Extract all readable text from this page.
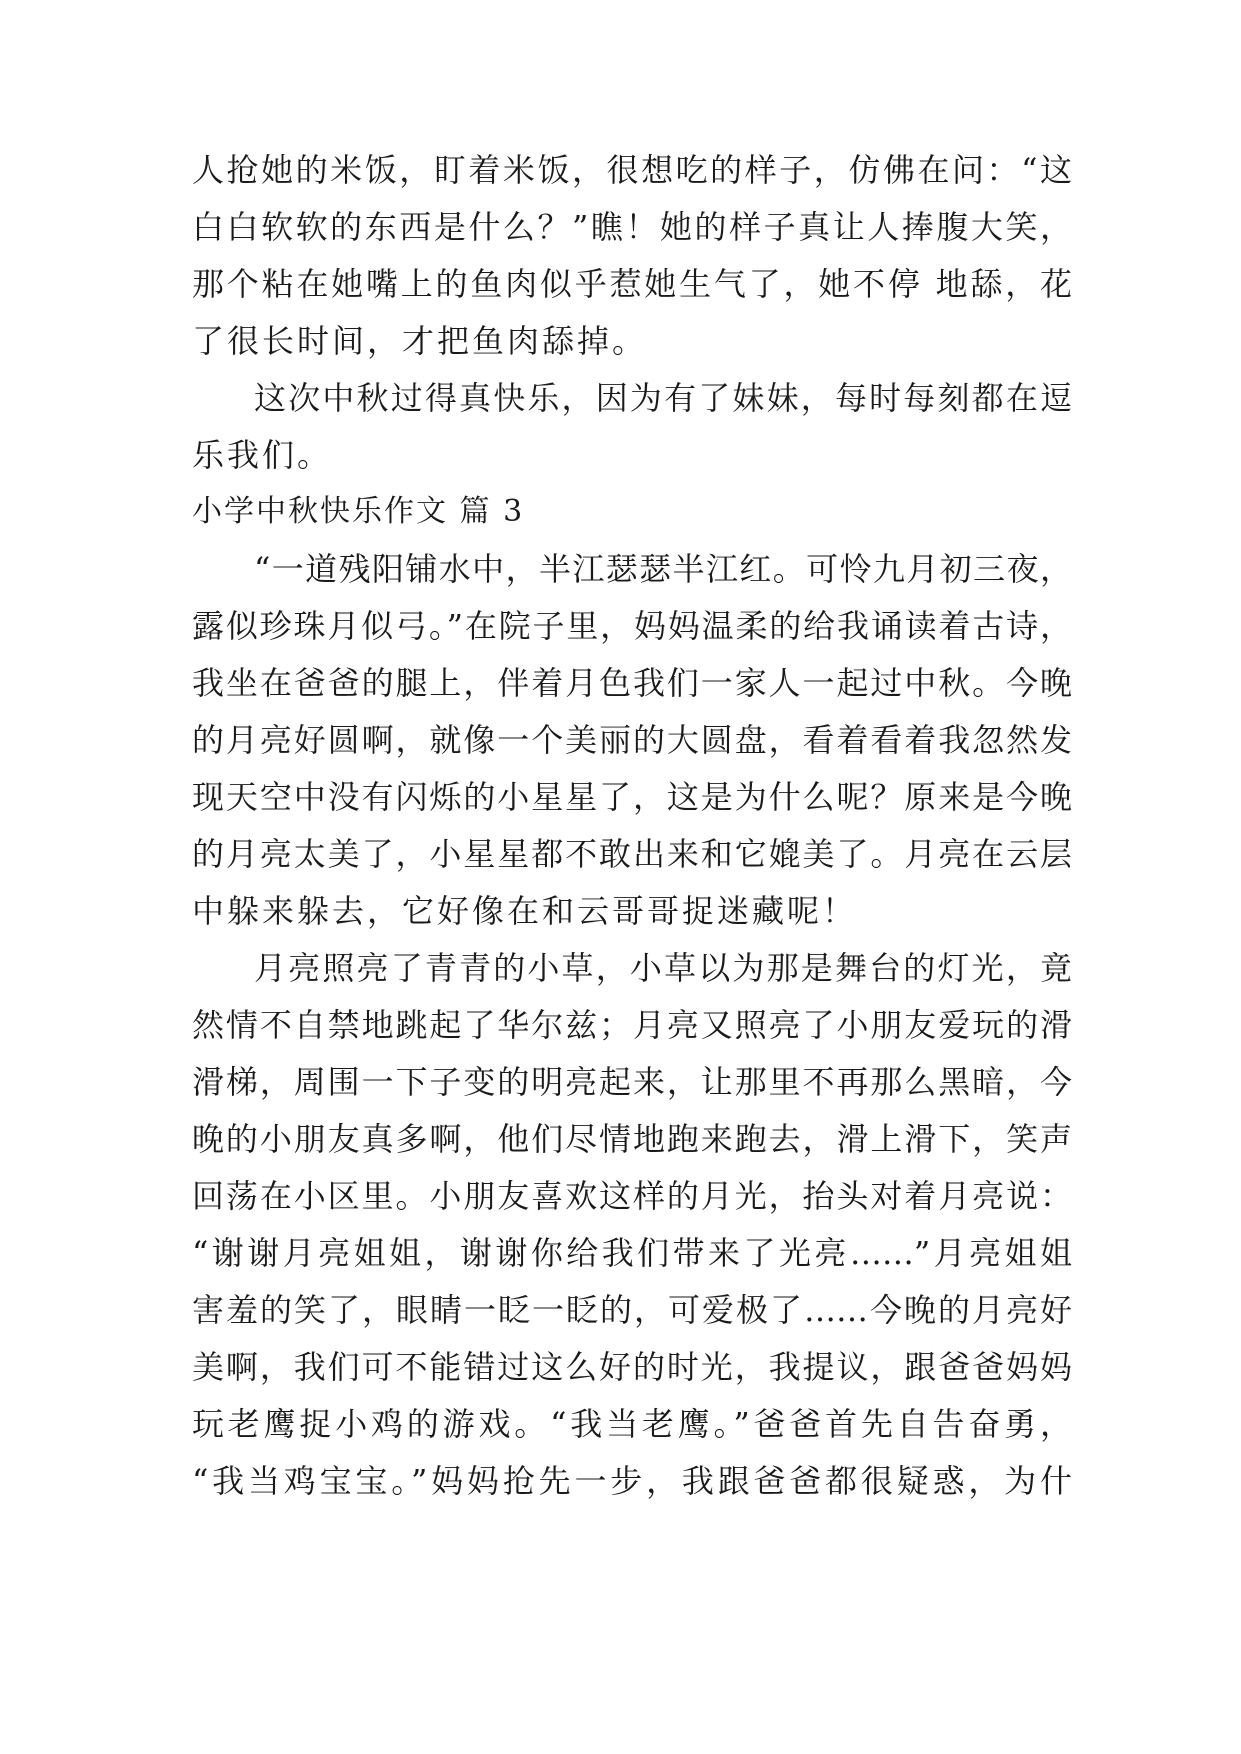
人抢她的米饭，盯着米饭，很想吃的样子，仿佛在问：“这
白白软软的东西是什么？”瞧！她的样子真让人捧腹大笑，
那个粘在她嘴上的鱼肉似乎惹她生气了，她不停 地舔，花
了很长时间，才把鱼肉舔掉。
这次中秋过得真快乐，因为有了妹妹，每时每刻都在逗
乐我们。
小学中秋快乐作文 篇 3
“一道残阳铺水中，半江瑟瑟半江红。可怜九月初三夜，
露似珍珠月似弓。”在院子里，妈妈温柔的给我诵读着古诗，
我坐在爸爸的腿上，伴着月色我们一家人一起过中秋。今晚
的月亮好圆啊，就像一个美丽的大圆盘，看着看着我忽然发
现天空中没有闪烁的小星星了，这是为什么呢？原来是今晚
的月亮太美了，小星星都不敢出来和它媲美了。月亮在云层
中躲来躲去，它好像在和云哥哥捉迷藏呢！
月亮照亮了青青的小草，小草以为那是舞台的灯光，竟
然情不自禁地跳起了华尔兹；月亮又照亮了小朋友爱玩的滑
滑梯，周围一下子变的明亮起来，让那里不再那么黑暗，今
晚的小朋友真多啊，他们尽情地跑来跑去，滑上滑下，笑声
回荡在小区里。小朋友喜欢这样的月光，抬头对着月亮说：
“谢谢月亮姐姐，谢谢你给我们带来了光亮……”月亮姐姐
害羞的笑了，眼睛一眨一眨的，可爱极了……今晚的月亮好
美啊，我们可不能错过这么好的时光，我提议，跟爸爸妈妈
玩老鹰捉小鸡的游戏。“我当老鹰。”爸爸首先自告奋勇，
“我当鸡宝宝。”妈妈抢先一步，我跟爸爸都很疑惑，为什
